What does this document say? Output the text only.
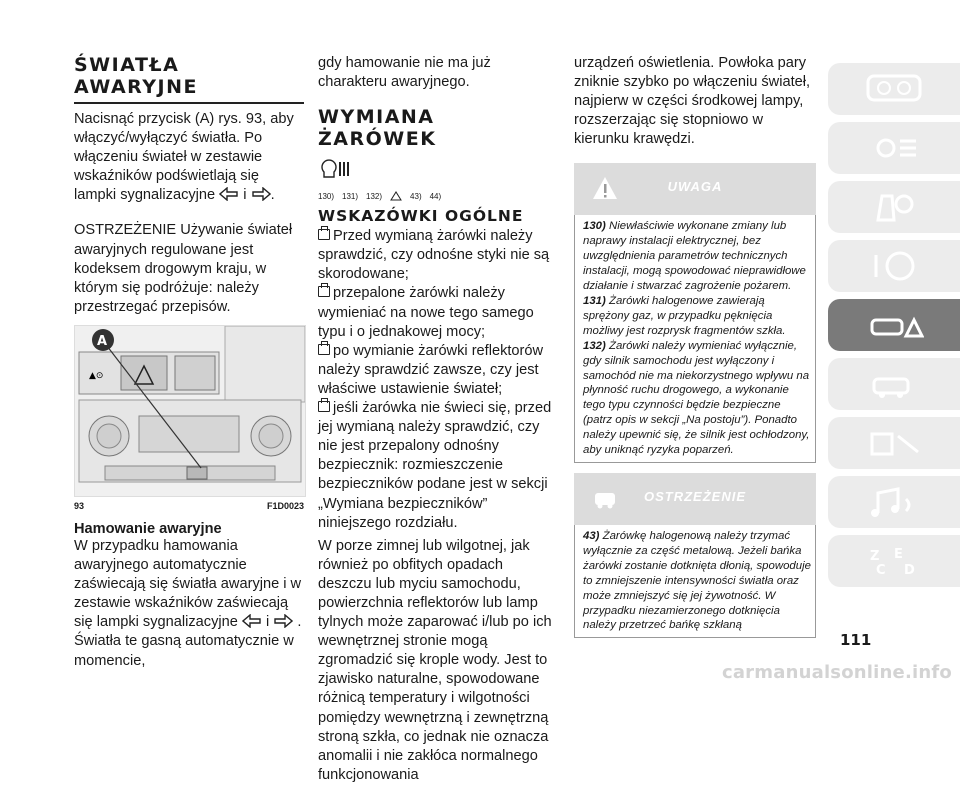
ŚWIATŁA AWARYJNE

Nacisnąć przycisk (A) rys. 93, aby włączyć/wyłączyć światła. Po włączeniu świateł w zestawie wskaźników podświetlają się lampki sygnalizacyjne i .

OSTRZEŻENIE Używanie świateł awaryjnych regulowane jest kodeksem drogowym kraju, w którym się podróżuje: należy przestrzegać przepisów.

▲⊙
A
93	F1D0023

Hamowanie awaryjne

W przypadku hamowania awaryjnego automatycznie zaświecają się światła awaryjne i w zestawie wskaźników zaświecają się lampki sygnalizacyjne i . Światła te gasną automatycznie w momencie,

gdy hamowanie nie ma już charakteru awaryjnego.

WYMIANA ŻARÓWEK
130) 131) 132)	43) 44)
WSKAZÓWKI OGÓLNE

Przed wymianą żarówki należy sprawdzić, czy odnośne styki nie są skorodowane;

przepalone żarówki należy wymieniać na nowe tego samego typu i o jednakowej mocy;

po wymianie żarówki reflektorów należy sprawdzić zawsze, czy jest właściwe ustawienie świateł;

jeśli żarówka nie świeci się, przed jej wymianą należy sprawdzić, czy nie jest przepalony odnośny bezpiecznik: rozmieszczenie bezpieczników podane jest w sekcji „Wymiana bezpieczników” niniejszego rozdziału.

W porze zimnej lub wilgotnej, jak również po obfitych opadach deszczu lub myciu samochodu, powierzchnia reflektorów lub lamp tylnych może zaparować i/lub po ich wewnętrznej stronie mogą zgromadzić się krople wody. Jest to zjawisko naturalne, spowodowane różnicą temperatury i wilgotności pomiędzy wewnętrzną i zewnętrzną stroną szkła, co jednak nie oznacza anomalii i nie zakłóca normalnego funkcjonowania

urządzeń oświetlenia. Powłoka pary zniknie szybko po włączeniu świateł, najpierw w części środkowej lampy, rozszerzając się stopniowo w kierunku krawędzi.

UWAGA

130) Niewłaściwie wykonane zmiany lub naprawy instalacji elektrycznej, bez uwzględnienia parametrów technicznych instalacji, mogą spowodować nieprawidłowe działanie i stwarzać zagrożenie pożarem.

131) Żarówki halogenowe zawierają sprężony gaz, w przypadku pęknięcia możliwy jest rozprysk fragmentów szkła.

132) Żarówki należy wymieniać wyłącznie, gdy silnik samochodu jest wyłączony i samochód nie ma niekorzystnego wpływu na płynność ruchu drogowego, a wykonanie tego typu czynności będzie bezpieczne (patrz opis w sekcji „Na postoju”). Ponadto należy upewnić się, że silnik jest ochłodzony, aby uniknąć ryzyka poparzeń.

OSTRZEŻENIE

43) Żarówkę halogenową należy trzymać wyłącznie za część metalową. Jeżeli bańka żarówki zostanie dotknięta dłonią, spowoduje to zmniejszenie intensywności światła oraz może zmniejszyć się jej żywotność. W przypadku niezamierzonego dotknięcia należy przetrzeć bańkę szkłaną

Z E
C D
111
carmanualsonline.info
